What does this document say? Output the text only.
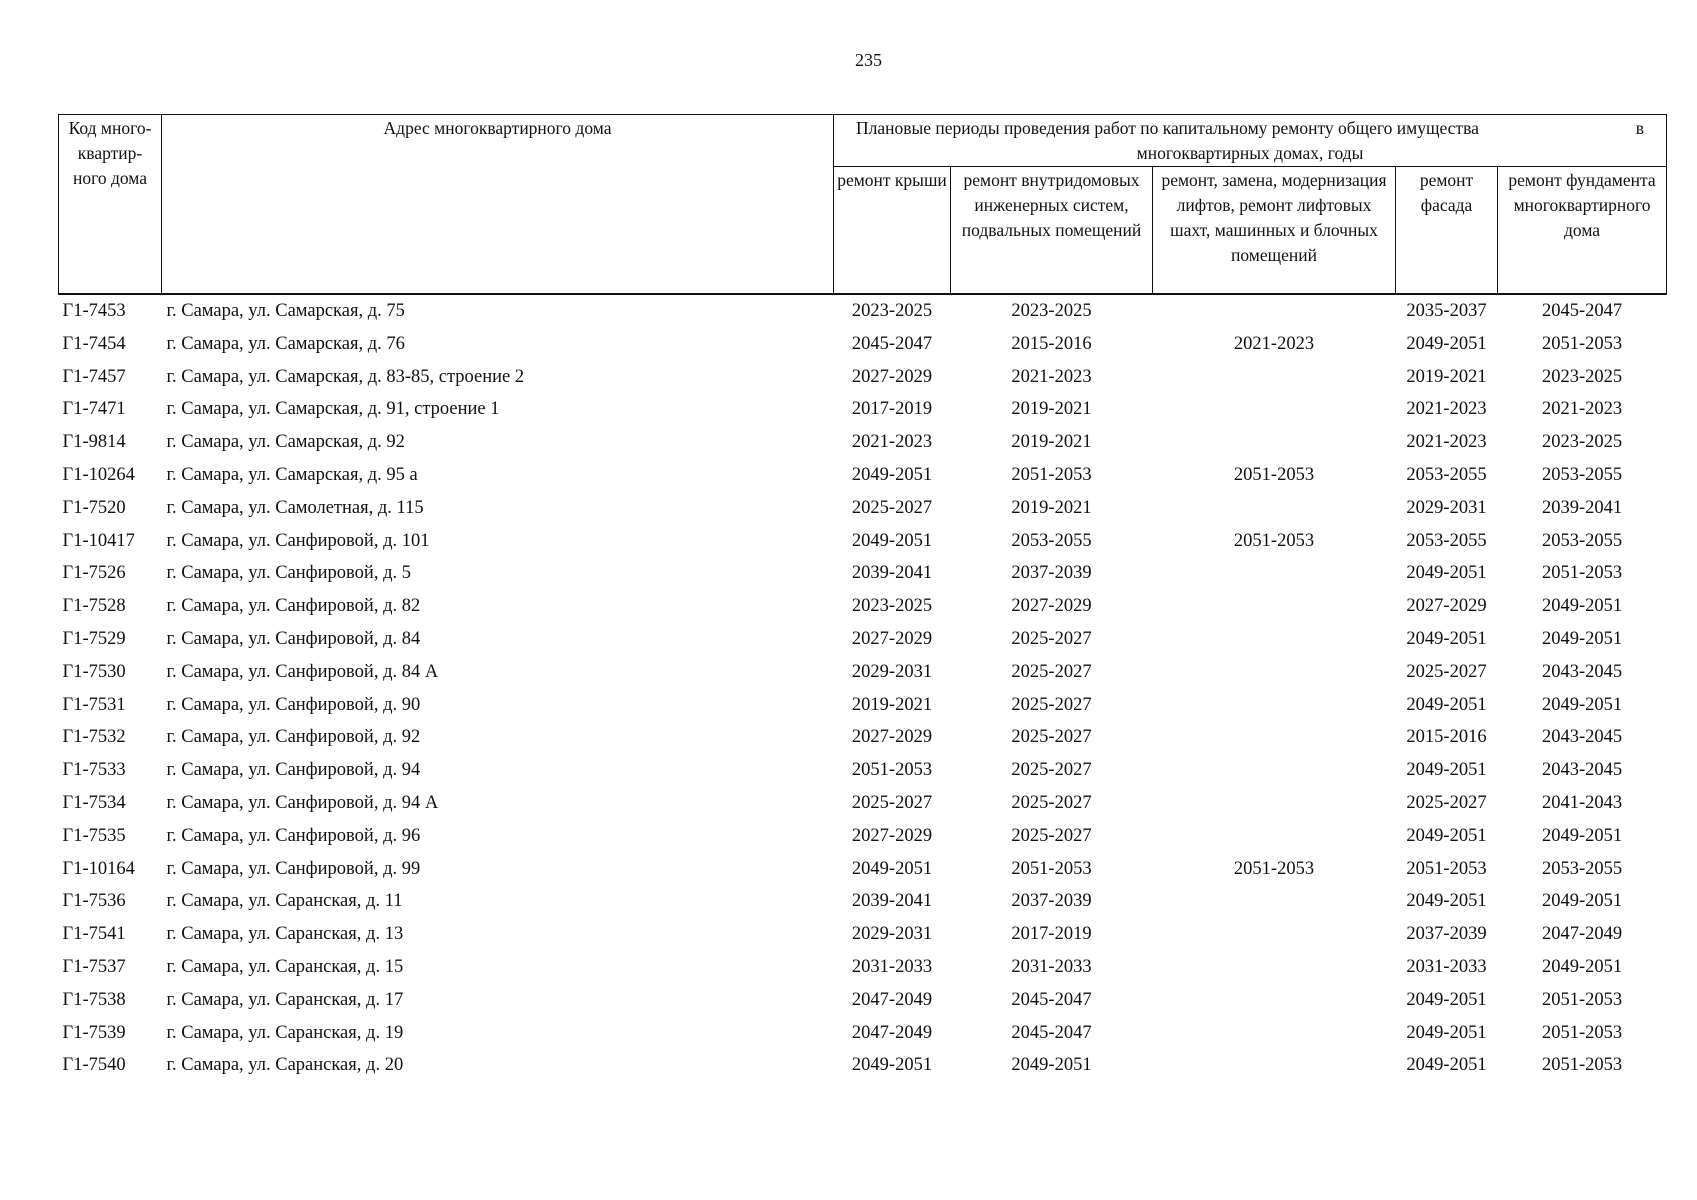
235
Код много-квартир-ного дома	Адрес многоквартирного дома	Плановые периоды проведения работ по капитальному ремонту общего имущества в
многоквартирных домах, годы				

		ремонт крыши	ремонт внутридомовых инженерных систем, подвальных помещений	ремонт, замена, модернизация лифтов, ремонт лифтовых шахт, машинных и блочных помещений	ремонт фасада	ремонт фундамента многоквартирного дома
Г1-7453	г. Самара, ул. Самарская, д. 75	2023-2025	2023-2025		2035-2037	2045-2047
Г1-7454	г. Самара, ул. Самарская, д. 76	2045-2047	2015-2016	2021-2023	2049-2051	2051-2053
Г1-7457	г. Самара, ул. Самарская, д. 83-85, строение 2	2027-2029	2021-2023		2019-2021	2023-2025
Г1-7471	г. Самара, ул. Самарская, д. 91, строение 1	2017-2019	2019-2021		2021-2023	2021-2023
Г1-9814	г. Самара, ул. Самарская, д. 92	2021-2023	2019-2021		2021-2023	2023-2025
Г1-10264	г. Самара, ул. Самарская, д. 95 а	2049-2051	2051-2053	2051-2053	2053-2055	2053-2055
Г1-7520	г. Самара, ул. Самолетная, д. 115	2025-2027	2019-2021		2029-2031	2039-2041
Г1-10417	г. Самара, ул. Санфировой, д. 101	2049-2051	2053-2055	2051-2053	2053-2055	2053-2055
Г1-7526	г. Самара, ул. Санфировой, д. 5	2039-2041	2037-2039		2049-2051	2051-2053
Г1-7528	г. Самара, ул. Санфировой, д. 82	2023-2025	2027-2029		2027-2029	2049-2051
Г1-7529	г. Самара, ул. Санфировой, д. 84	2027-2029	2025-2027		2049-2051	2049-2051
Г1-7530	г. Самара, ул. Санфировой, д. 84 А	2029-2031	2025-2027		2025-2027	2043-2045
Г1-7531	г. Самара, ул. Санфировой, д. 90	2019-2021	2025-2027		2049-2051	2049-2051
Г1-7532	г. Самара, ул. Санфировой, д. 92	2027-2029	2025-2027		2015-2016	2043-2045
Г1-7533	г. Самара, ул. Санфировой, д. 94	2051-2053	2025-2027		2049-2051	2043-2045
Г1-7534	г. Самара, ул. Санфировой, д. 94 А	2025-2027	2025-2027		2025-2027	2041-2043
Г1-7535	г. Самара, ул. Санфировой, д. 96	2027-2029	2025-2027		2049-2051	2049-2051
Г1-10164	г. Самара, ул. Санфировой, д. 99	2049-2051	2051-2053	2051-2053	2051-2053	2053-2055
Г1-7536	г. Самара, ул. Саранская, д. 11	2039-2041	2037-2039		2049-2051	2049-2051
Г1-7541	г. Самара, ул. Саранская, д. 13	2029-2031	2017-2019		2037-2039	2047-2049
Г1-7537	г. Самара, ул. Саранская, д. 15	2031-2033	2031-2033		2031-2033	2049-2051
Г1-7538	г. Самара, ул. Саранская, д. 17	2047-2049	2045-2047		2049-2051	2051-2053
Г1-7539	г. Самара, ул. Саранская, д. 19	2047-2049	2045-2047		2049-2051	2051-2053
Г1-7540	г. Самара, ул. Саранская, д. 20	2049-2051	2049-2051		2049-2051	2051-2053
